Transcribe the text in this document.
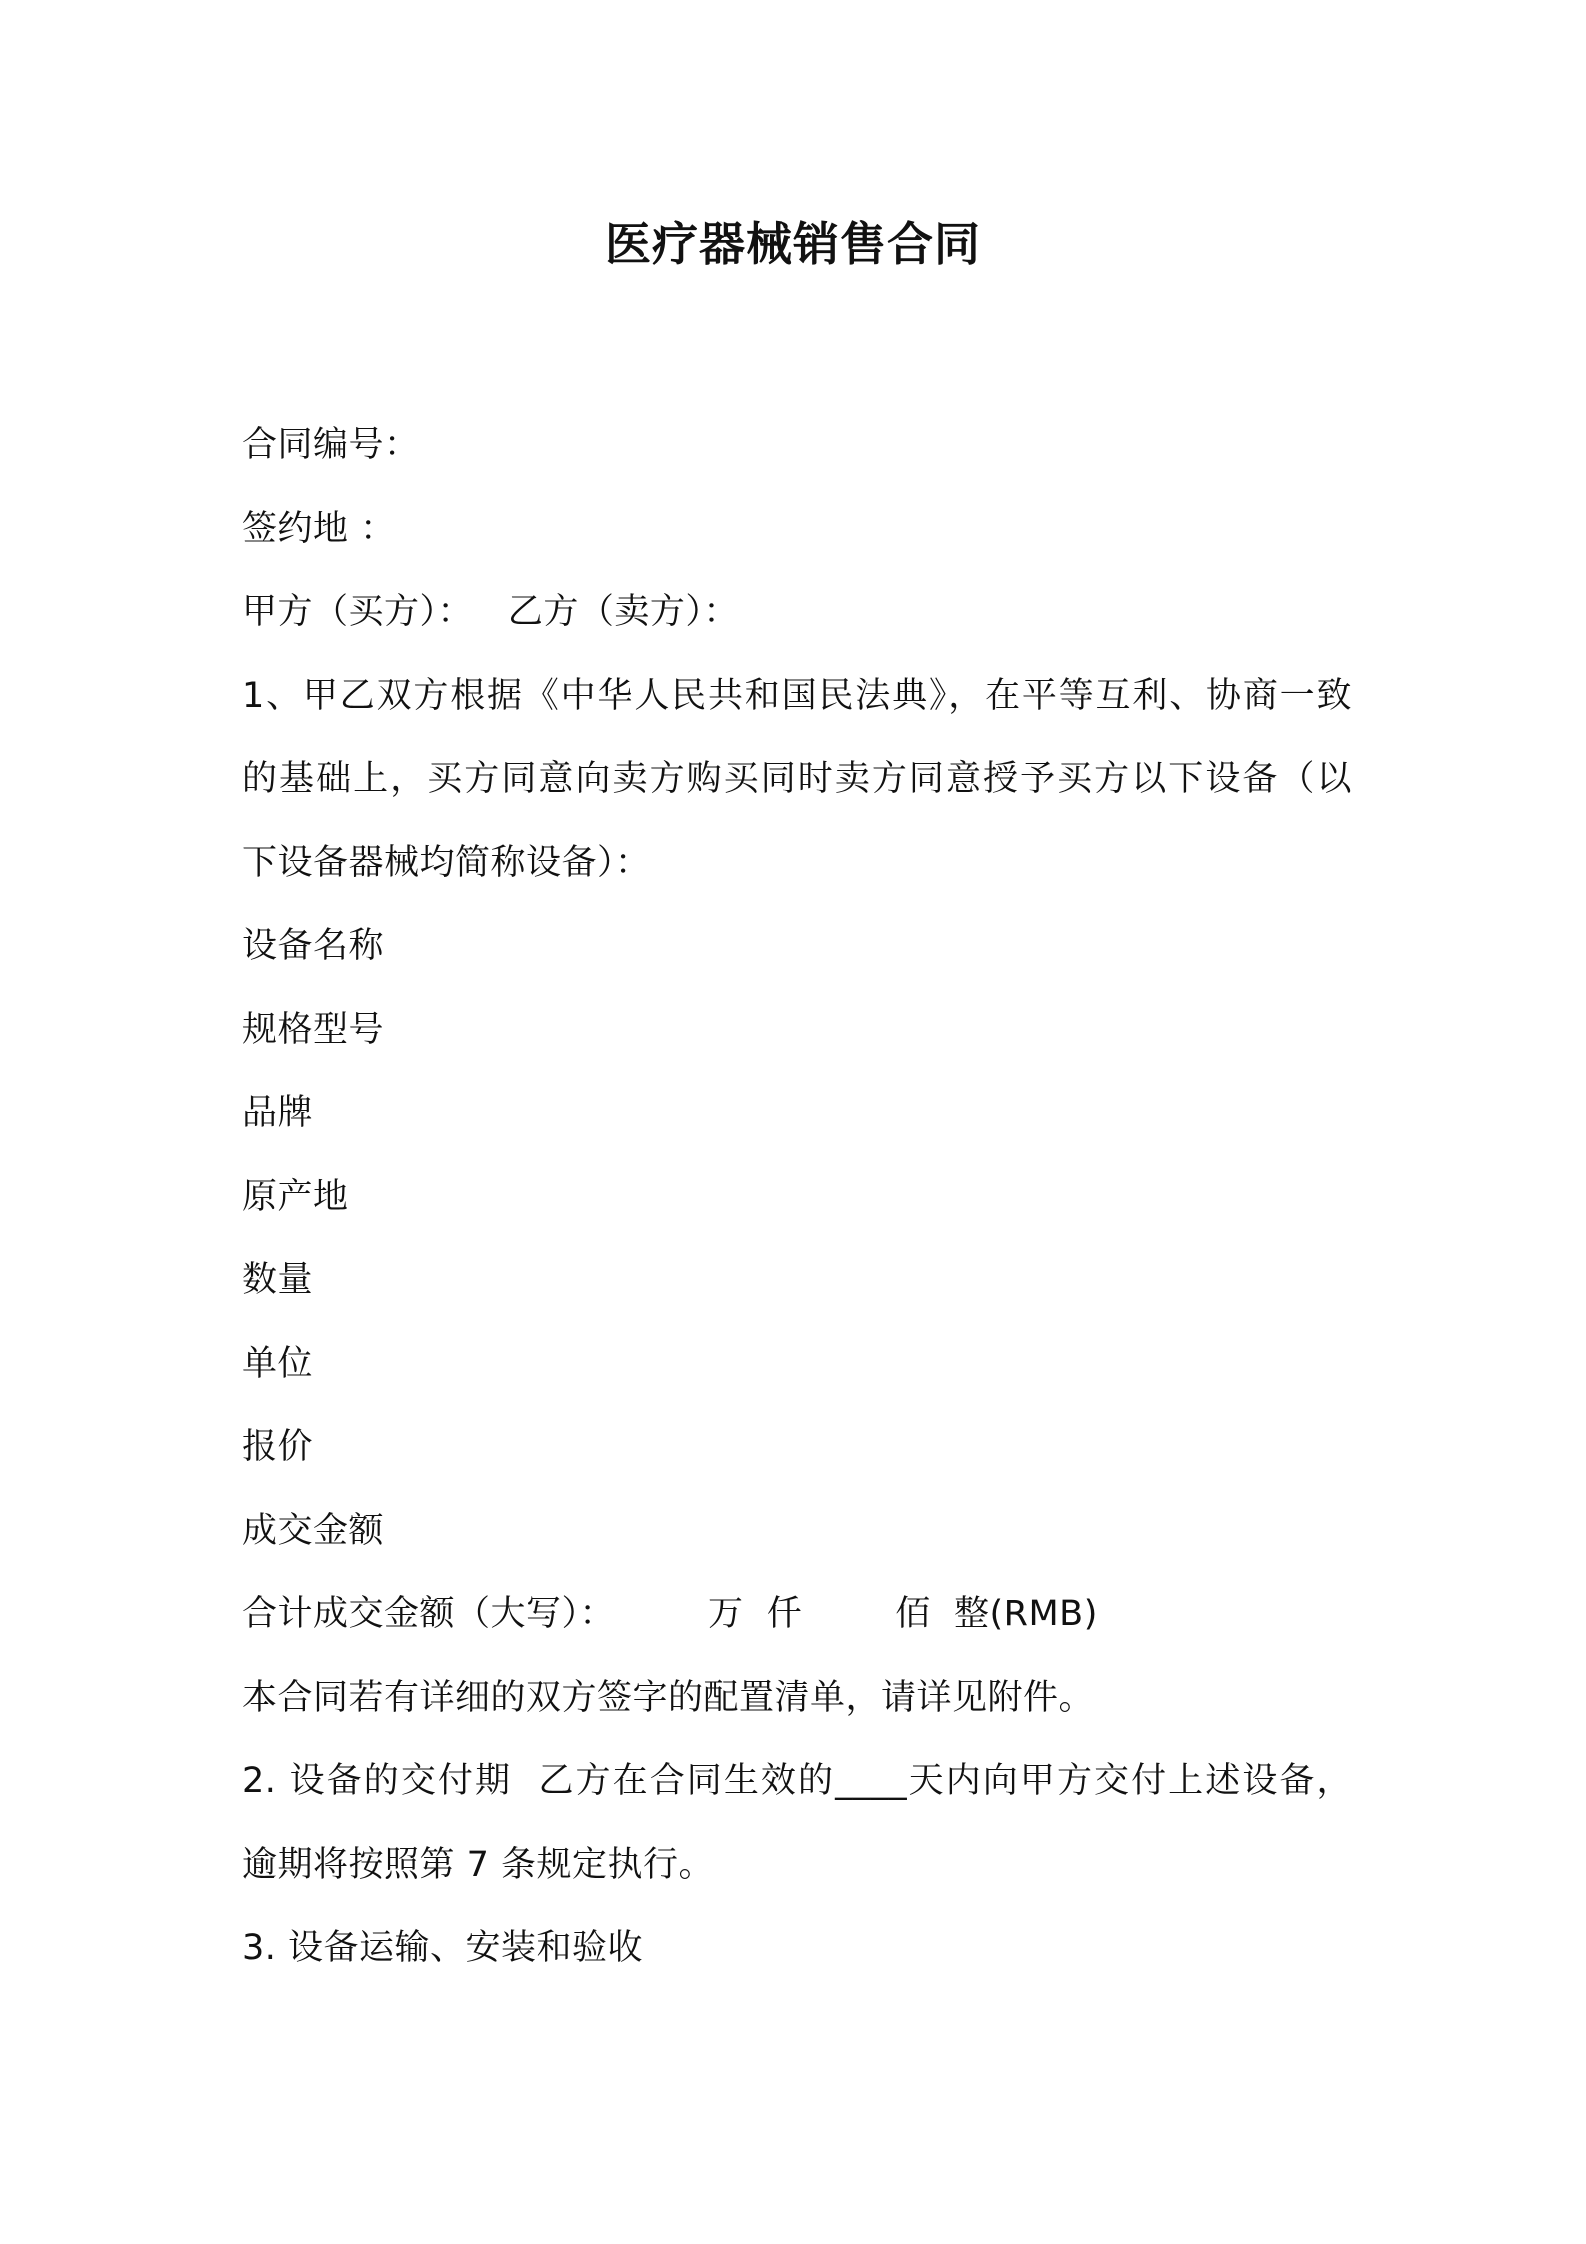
医疗器械销售合同

合同编号：

签约地 ：

甲方（买方）：   乙方（卖方）：

1、甲乙双方根据《中华人民共和国民法典》，在平等互利、协商一致

的基础上，买方同意向卖方购买同时卖方同意授予买方以下设备（以

下设备器械均简称设备）：

设备名称

规格型号

品牌

原产地

数量

单位

报价

成交金额

合计成交金额（大写）：        万  仟        佰  整(RMB)

本合同若有详细的双方签字的配置清单，请详见附件。

2. 设备的交付期  乙方在合同生效的____天内向甲方交付上述设备，

逾期将按照第 7 条规定执行。

3. 设备运输、安装和验收
